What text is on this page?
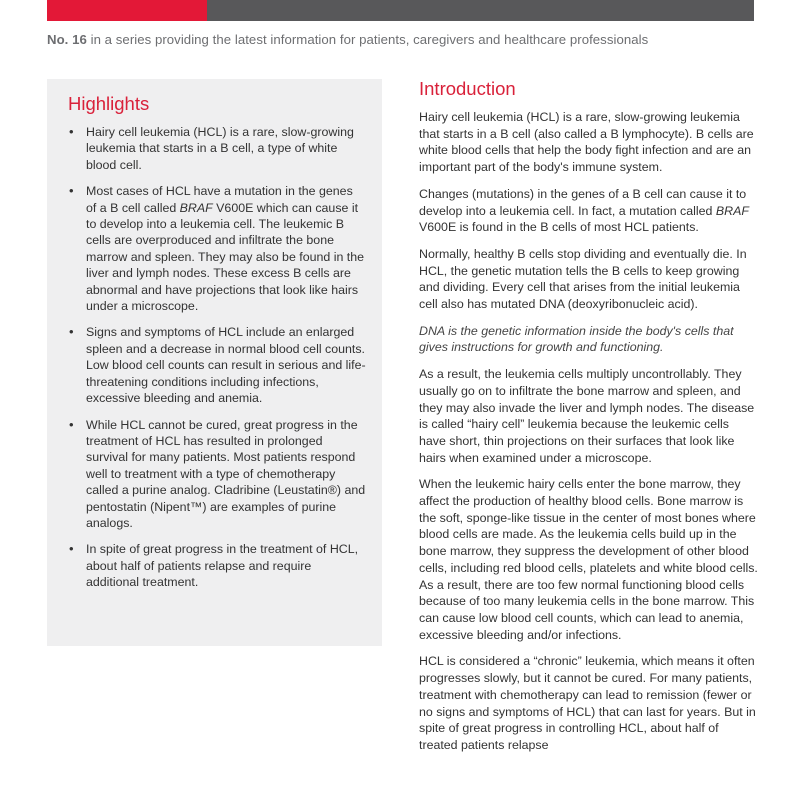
No. 16 in a series providing the latest information for patients, caregivers and healthcare professionals
Highlights
• Hairy cell leukemia (HCL) is a rare, slow-growing leukemia that starts in a B cell, a type of white blood cell.
• Most cases of HCL have a mutation in the genes of a B cell called BRAF V600E which can cause it to develop into a leukemia cell. The leukemic B cells are overproduced and infiltrate the bone marrow and spleen. They may also be found in the liver and lymph nodes. These excess B cells are abnormal and have projections that look like hairs under a microscope.
• Signs and symptoms of HCL include an enlarged spleen and a decrease in normal blood cell counts. Low blood cell counts can result in serious and life-threatening conditions including infections, excessive bleeding and anemia.
• While HCL cannot be cured, great progress in the treatment of HCL has resulted in prolonged survival for many patients. Most patients respond well to treatment with a type of chemotherapy called a purine analog. Cladribine (Leustatin®) and pentostatin (Nipent™) are examples of purine analogs.
• In spite of great progress in the treatment of HCL, about half of patients relapse and require additional treatment.
Introduction

Hairy cell leukemia (HCL) is a rare, slow-growing leukemia that starts in a B cell (also called a B lymphocyte). B cells are white blood cells that help the body fight infection and are an important part of the body's immune system.

Changes (mutations) in the genes of a B cell can cause it to develop into a leukemia cell. In fact, a mutation called BRAF V600E is found in the B cells of most HCL patients.

Normally, healthy B cells stop dividing and eventually die. In HCL, the genetic mutation tells the B cells to keep growing and dividing. Every cell that arises from the initial leukemia cell also has mutated DNA (deoxyribonucleic acid).

DNA is the genetic information inside the body's cells that gives instructions for growth and functioning.

As a result, the leukemia cells multiply uncontrollably. They usually go on to infiltrate the bone marrow and spleen, and they may also invade the liver and lymph nodes. The disease is called “hairy cell” leukemia because the leukemic cells have short, thin projections on their surfaces that look like hairs when examined under a microscope.

When the leukemic hairy cells enter the bone marrow, they affect the production of healthy blood cells. Bone marrow is the soft, sponge-like tissue in the center of most bones where blood cells are made. As the leukemia cells build up in the bone marrow, they suppress the development of other blood cells, including red blood cells, platelets and white blood cells. As a result, there are too few normal functioning blood cells because of too many leukemia cells in the bone marrow. This can cause low blood cell counts, which can lead to anemia, excessive bleeding and/or infections.

HCL is considered a “chronic” leukemia, which means it often progresses slowly, but it cannot be cured. For many patients, treatment with chemotherapy can lead to remission (fewer or no signs and symptoms of HCL) that can last for years. But in spite of great progress in controlling HCL, about half of treated patients relapse
